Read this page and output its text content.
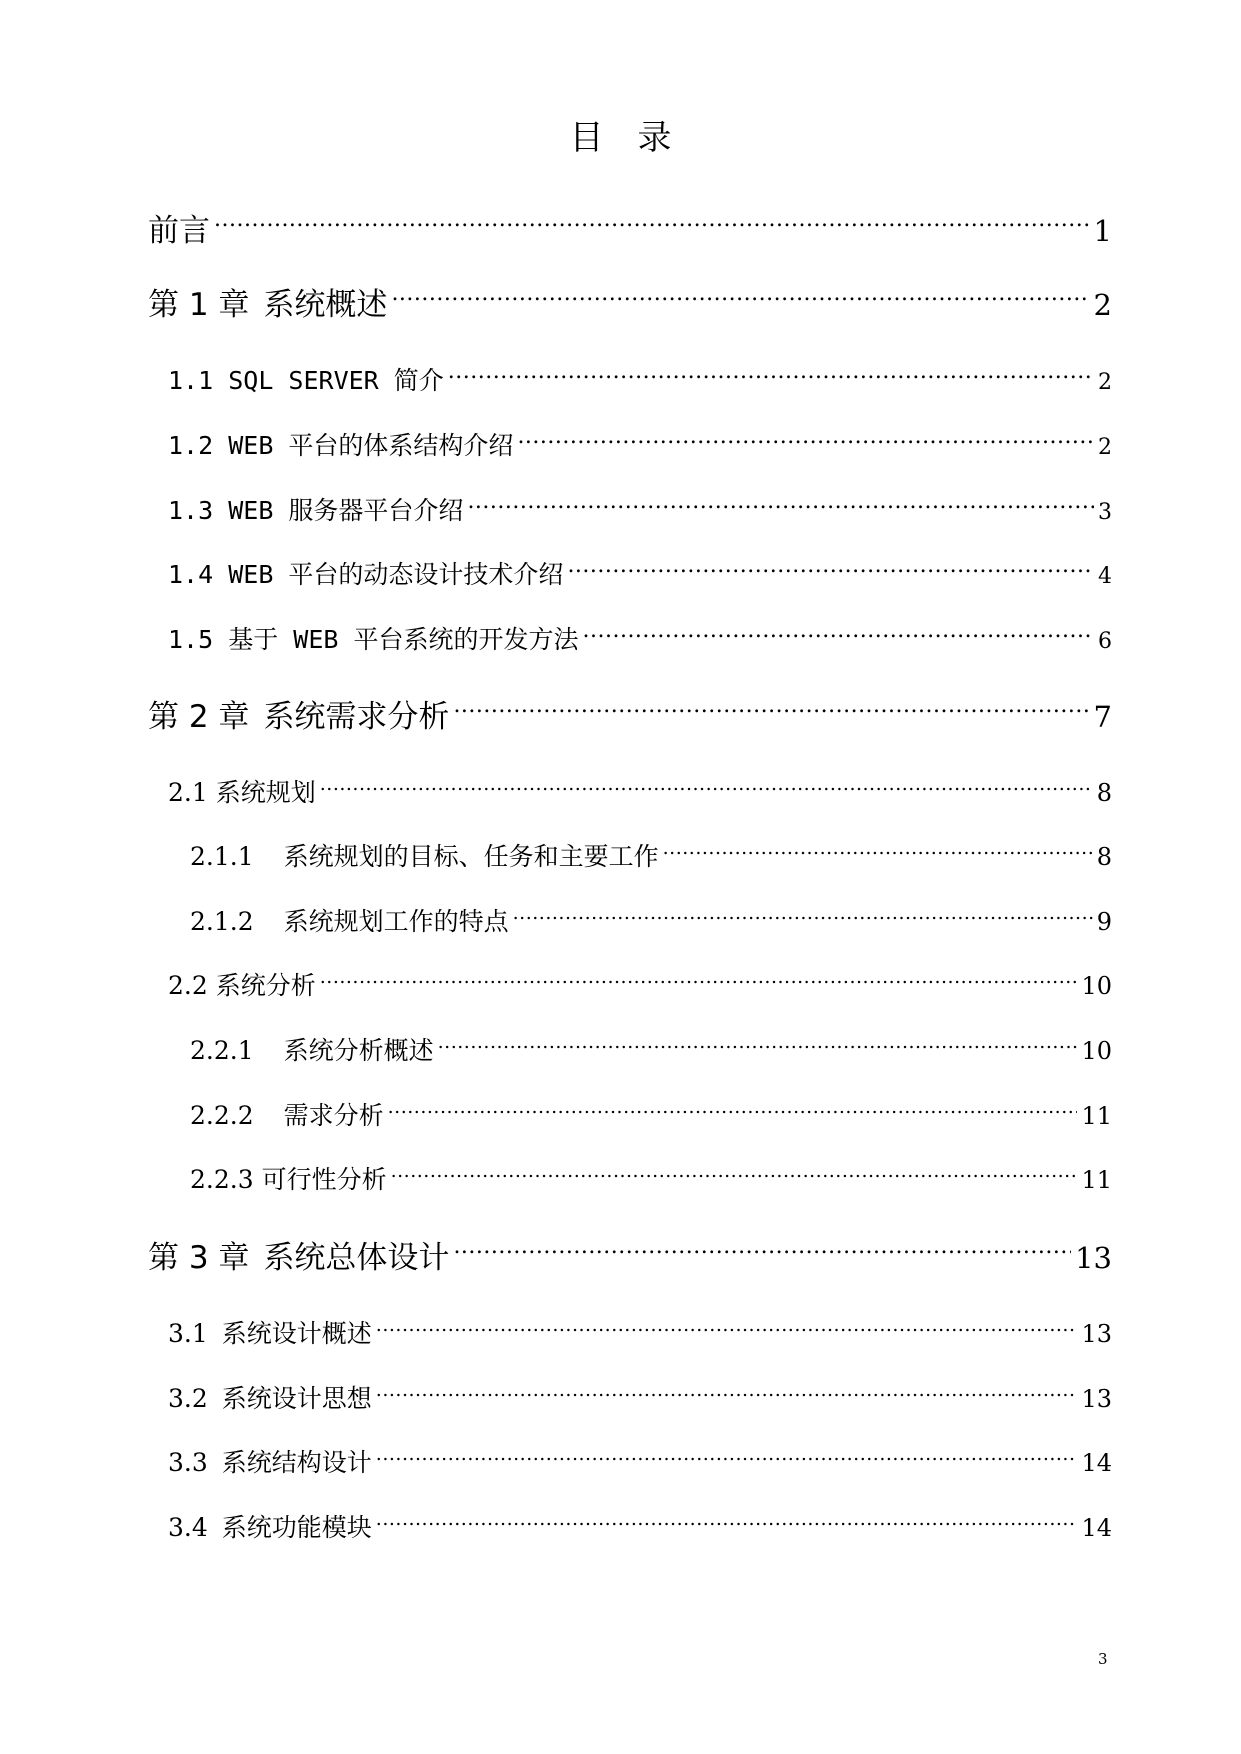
目 录
前言 .....	1
第 1 章 系统概述 .....	2
1.1 SQL SERVER 简介 .....	2
1.2 WEB 平台的体系结构介绍 .....	2
1.3 WEB 服务器平台介绍 .....	3
1.4 WEB 平台的动态设计技术介绍 .....	4
1.5 基于 WEB 平台系统的开发方法 .....	6
第 2 章 系统需求分析 .....	7
2.1 系统规划 .....	8
2.1.1 系统规划的目标、任务和主要工作 .....	8
2.1.2 系统规划工作的特点 .....	9
2.2 系统分析 .....	10
2.2.1 系统分析概述 .....	10
2.2.2 需求分析 .....	11
2.2.3 可行性分析 .....	11
第 3 章 系统总体设计 .....	13
3.1 系统设计概述 .....	13
3.2 系统设计思想 .....	13
3.3 系统结构设计 .....	14
3.4 系统功能模块 .....	14
3
